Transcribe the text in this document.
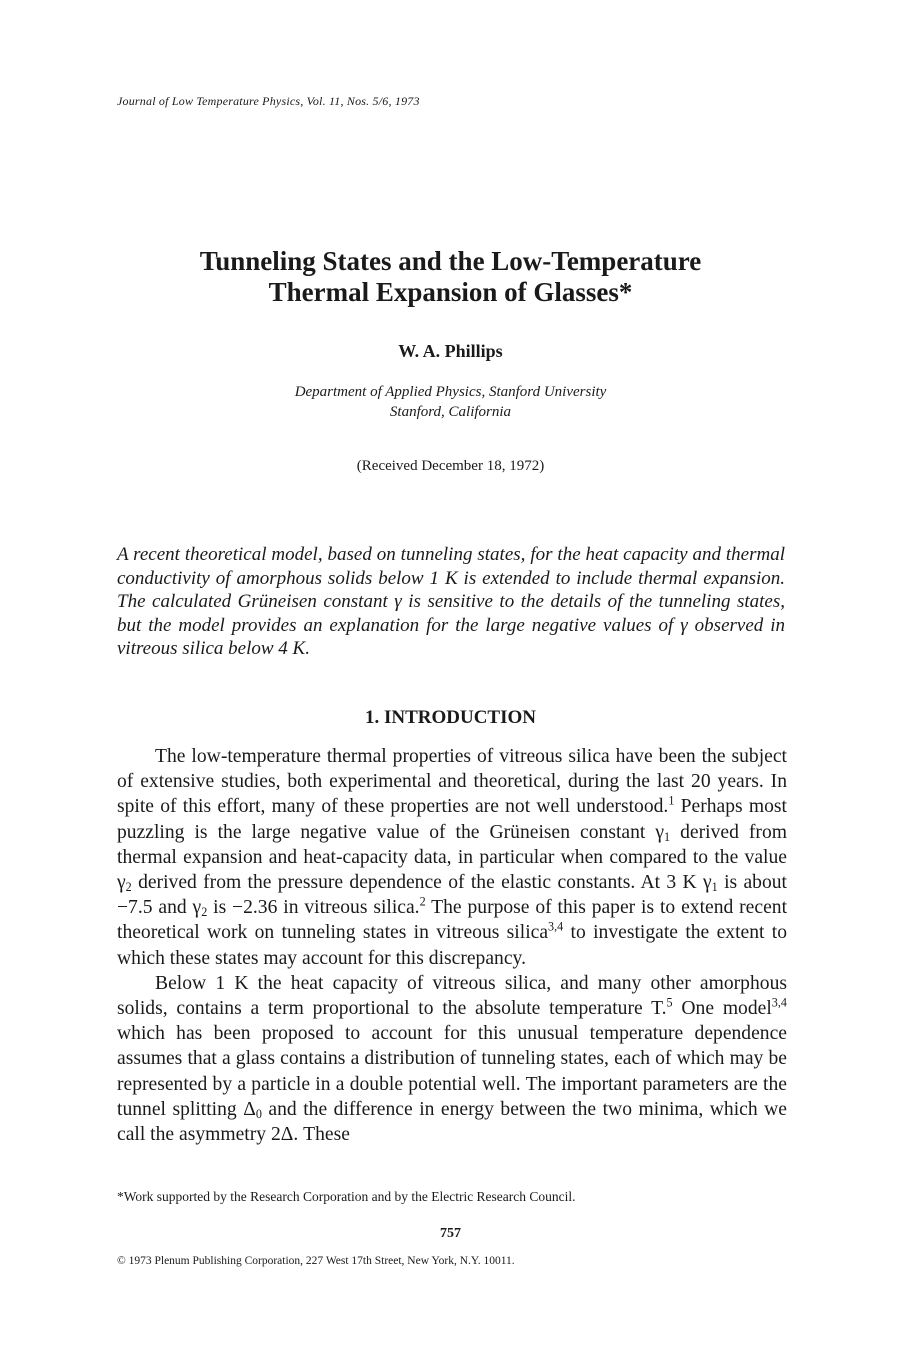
Journal of Low Temperature Physics, Vol. 11, Nos. 5/6, 1973
Tunneling States and the Low-Temperature
Thermal Expansion of Glasses*
W. A. Phillips
Department of Applied Physics, Stanford University
Stanford, California
(Received December 18, 1972)
A recent theoretical model, based on tunneling states, for the heat capacity and thermal conductivity of amorphous solids below 1 K is extended to include thermal expansion. The calculated Grüneisen constant γ is sensitive to the details of the tunneling states, but the model provides an explanation for the large negative values of γ observed in vitreous silica below 4 K.
1. INTRODUCTION

The low-temperature thermal properties of vitreous silica have been the subject of extensive studies, both experimental and theoretical, during the last 20 years. In spite of this effort, many of these properties are not well understood.$^1$ Perhaps most puzzling is the large negative value of the Grüneisen constant $\gamma_1$ derived from thermal expansion and heat-capacity data, in particular when compared to the value $\gamma_2$ derived from the pressure dependence of the elastic constants. At 3 K $\gamma_1$ is about −7.5 and $\gamma_2$ is −2.36 in vitreous silica.$^2$ The purpose of this paper is to extend recent theoretical work on tunneling states in vitreous silica$^{3,4}$ to investigate the extent to which these states may account for this discrepancy.

Below 1 K the heat capacity of vitreous silica, and many other amorphous solids, contains a term proportional to the absolute temperature T.$^5$ One model$^{3,4}$ which has been proposed to account for this unusual temperature dependence assumes that a glass contains a distribution of tunneling states, each of which may be represented by a particle in a double potential well. The important parameters are the tunnel splitting $\Delta_0$ and the difference in energy between the two minima, which we call the asymmetry 2Δ. These

*Work supported by the Research Corporation and by the Electric Research Council.
757
© 1973 Plenum Publishing Corporation, 227 West 17th Street, New York, N.Y. 10011.
